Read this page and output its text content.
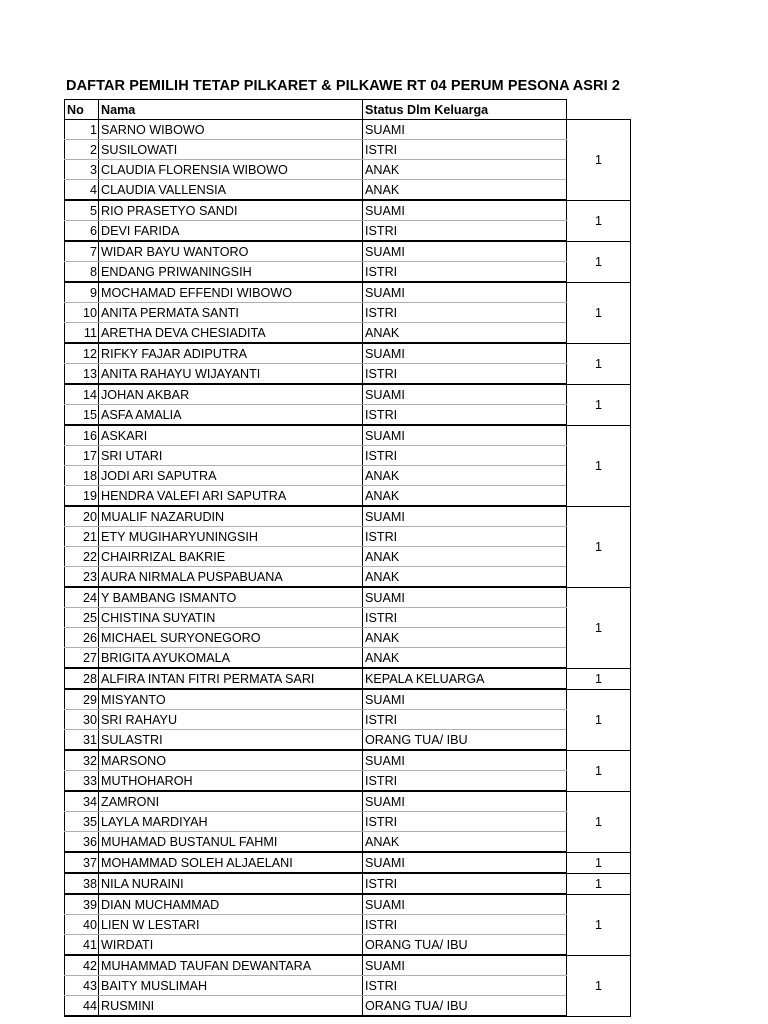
DAFTAR PEMILIH TETAP PILKARET & PILKAWE RT 04 PERUM PESONA ASRI 2
No	Nama	Status Dlm Keluarga	
1	SARNO WIBOWO	SUAMI	1
2	SUSILOWATI	ISTRI	
3	CLAUDIA FLORENSIA WIBOWO	ANAK	
4	CLAUDIA VALLENSIA	ANAK	
5	RIO PRASETYO SANDI	SUAMI	1
6	DEVI FARIDA	ISTRI	
7	WIDAR BAYU WANTORO	SUAMI	1
8	ENDANG PRIWANINGSIH	ISTRI	
9	MOCHAMAD EFFENDI WIBOWO	SUAMI	1
10	ANITA PERMATA SANTI	ISTRI	
11	ARETHA DEVA CHESIADITA	ANAK	
12	RIFKY FAJAR ADIPUTRA	SUAMI	1
13	ANITA RAHAYU WIJAYANTI	ISTRI	
14	JOHAN AKBAR	SUAMI	1
15	ASFA AMALIA	ISTRI	
16	ASKARI	SUAMI	1
17	SRI UTARI	ISTRI	
18	JODI ARI SAPUTRA	ANAK	
19	HENDRA VALEFI ARI SAPUTRA	ANAK	
20	MUALIF NAZARUDIN	SUAMI	1
21	ETY MUGIHARYUNINGSIH	ISTRI	
22	CHAIRRIZAL BAKRIE	ANAK	
23	AURA NIRMALA PUSPABUANA	ANAK	
24	Y BAMBANG ISMANTO	SUAMI	1
25	CHISTINA SUYATIN	ISTRI	
26	MICHAEL SURYONEGORO	ANAK	
27	BRIGITA AYUKOMALA	ANAK	
28	ALFIRA INTAN FITRI PERMATA SARI	KEPALA KELUARGA	1
29	MISYANTO	SUAMI	1
30	SRI RAHAYU	ISTRI	
31	SULASTRI	ORANG TUA/ IBU	
32	MARSONO	SUAMI	1
33	MUTHOHAROH	ISTRI	
34	ZAMRONI	SUAMI	1
35	LAYLA MARDIYAH	ISTRI	
36	MUHAMAD BUSTANUL FAHMI	ANAK	
37	MOHAMMAD SOLEH ALJAELANI	SUAMI	1
38	NILA NURAINI	ISTRI	1
39	DIAN MUCHAMMAD	SUAMI	1
40	LIEN W LESTARI	ISTRI	
41	WIRDATI	ORANG TUA/ IBU	
42	MUHAMMAD TAUFAN DEWANTARA	SUAMI	1
43	BAITY MUSLIMAH	ISTRI	
44	RUSMINI	ORANG TUA/ IBU	
